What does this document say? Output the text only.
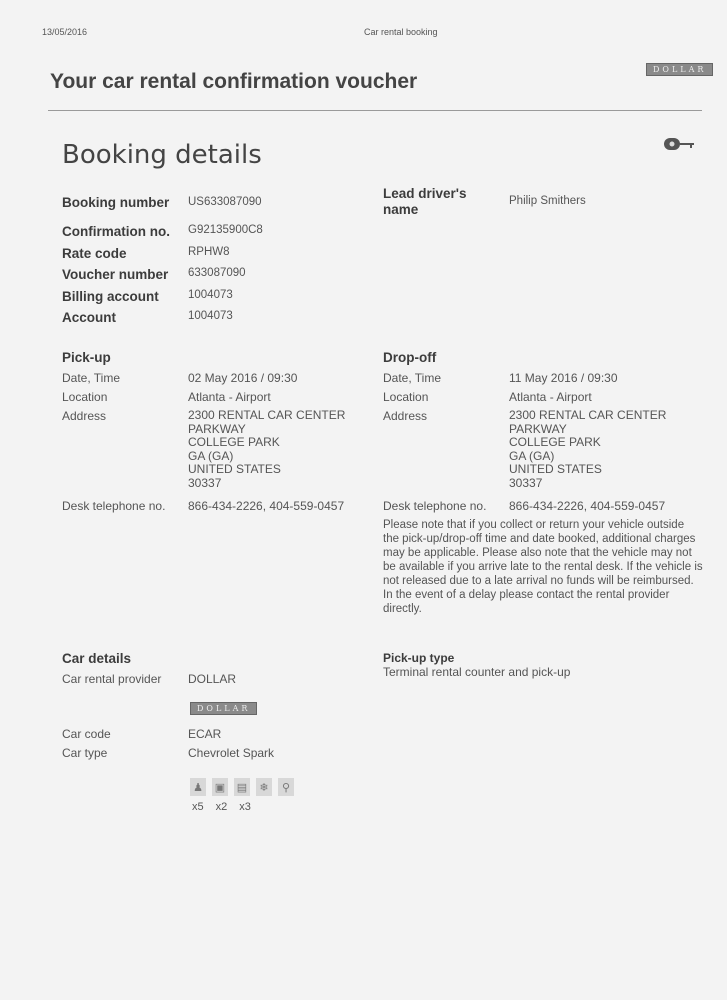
13/05/2016	Car rental booking
DOLLAR
Your car rental confirmation voucher
Booking details
Booking number US633087090
Confirmation no. G92135900C8
Rate code	RPHW8
Voucher number 633087090
Billing account	1004073
Account	1004073
Lead driver's name
Philip Smithers
Pick-up
Date, Time	02 May 2016 / 09:30
Location	Atlanta - Airport
Address	2300 RENTAL CAR CENTER
PARKWAY
COLLEGE PARK
GA (GA)
UNITED STATES
30337
Desk telephone no. 866-434-2226, 404-559-0457
Drop-off
Date, Time	11 May 2016 / 09:30
Location	Atlanta - Airport
Address	2300 RENTAL CAR CENTER
PARKWAY
COLLEGE PARK
GA (GA)
UNITED STATES
30337
Desk telephone no. 866-434-2226, 404-559-0457
Please note that if you collect or return your vehicle outside the pick-up/drop-off time and date booked, additional charges may be applicable. Please also note that the vehicle may not be available if you arrive late to the rental desk. If the vehicle is not released due to a late arrival no funds will be reimbursed. In the event of a delay please contact the rental provider directly.
Car details
Car rental provider DOLLAR
DOLLAR
Car code	ECAR
Car type	Chevrolet Spark
♟ ▣ ▤	❄	⚲
x5 x2 x3
Pick-up type
Terminal rental counter and pick-up
